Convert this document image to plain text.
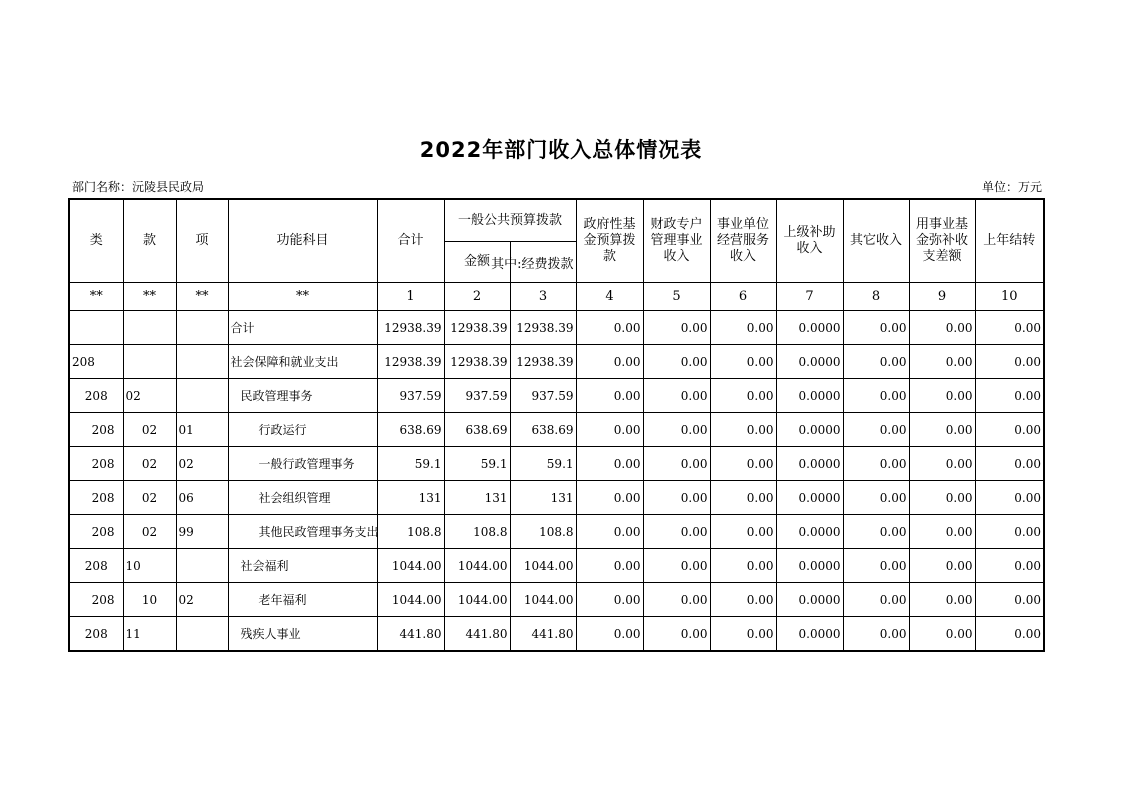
2022年部门收入总体情况表
部门名称：沅陵县民政局	单位：万元
类	款	项	功能科目	合计	一般公共预算拨款		政府性基金预算拨款	财政专户管理事业收入	事业单位经营服务收入	上级补助收入	其它收入	用事业基金弥补收支差额	上年结转
					金额	其中:经费拨款							

**	**	**	**	1	2	3	4	5	6	7	8	9	10
			合计	12938.39	12938.39	12938.39	0.00	0.00	0.00	0.0000	0.00	0.00	0.00
208			社会保障和就业支出	12938.39	12938.39	12938.39	0.00	0.00	0.00	0.0000	0.00	0.00	0.00
208	02		民政管理事务	937.59	937.59	937.59	0.00	0.00	0.00	0.0000	0.00	0.00	0.00
208	02	01	行政运行	638.69	638.69	638.69	0.00	0.00	0.00	0.0000	0.00	0.00	0.00
208	02	02	一般行政管理事务	59.1	59.1	59.1	0.00	0.00	0.00	0.0000	0.00	0.00	0.00
208	02	06	社会组织管理	131	131	131	0.00	0.00	0.00	0.0000	0.00	0.00	0.00
208	02	99	其他民政管理事务支出	108.8	108.8	108.8	0.00	0.00	0.00	0.0000	0.00	0.00	0.00
208	10		社会福利	1044.00	1044.00	1044.00	0.00	0.00	0.00	0.0000	0.00	0.00	0.00
208	10	02	老年福利	1044.00	1044.00	1044.00	0.00	0.00	0.00	0.0000	0.00	0.00	0.00
208	11		残疾人事业	441.80	441.80	441.80	0.00	0.00	0.00	0.0000	0.00	0.00	0.00
